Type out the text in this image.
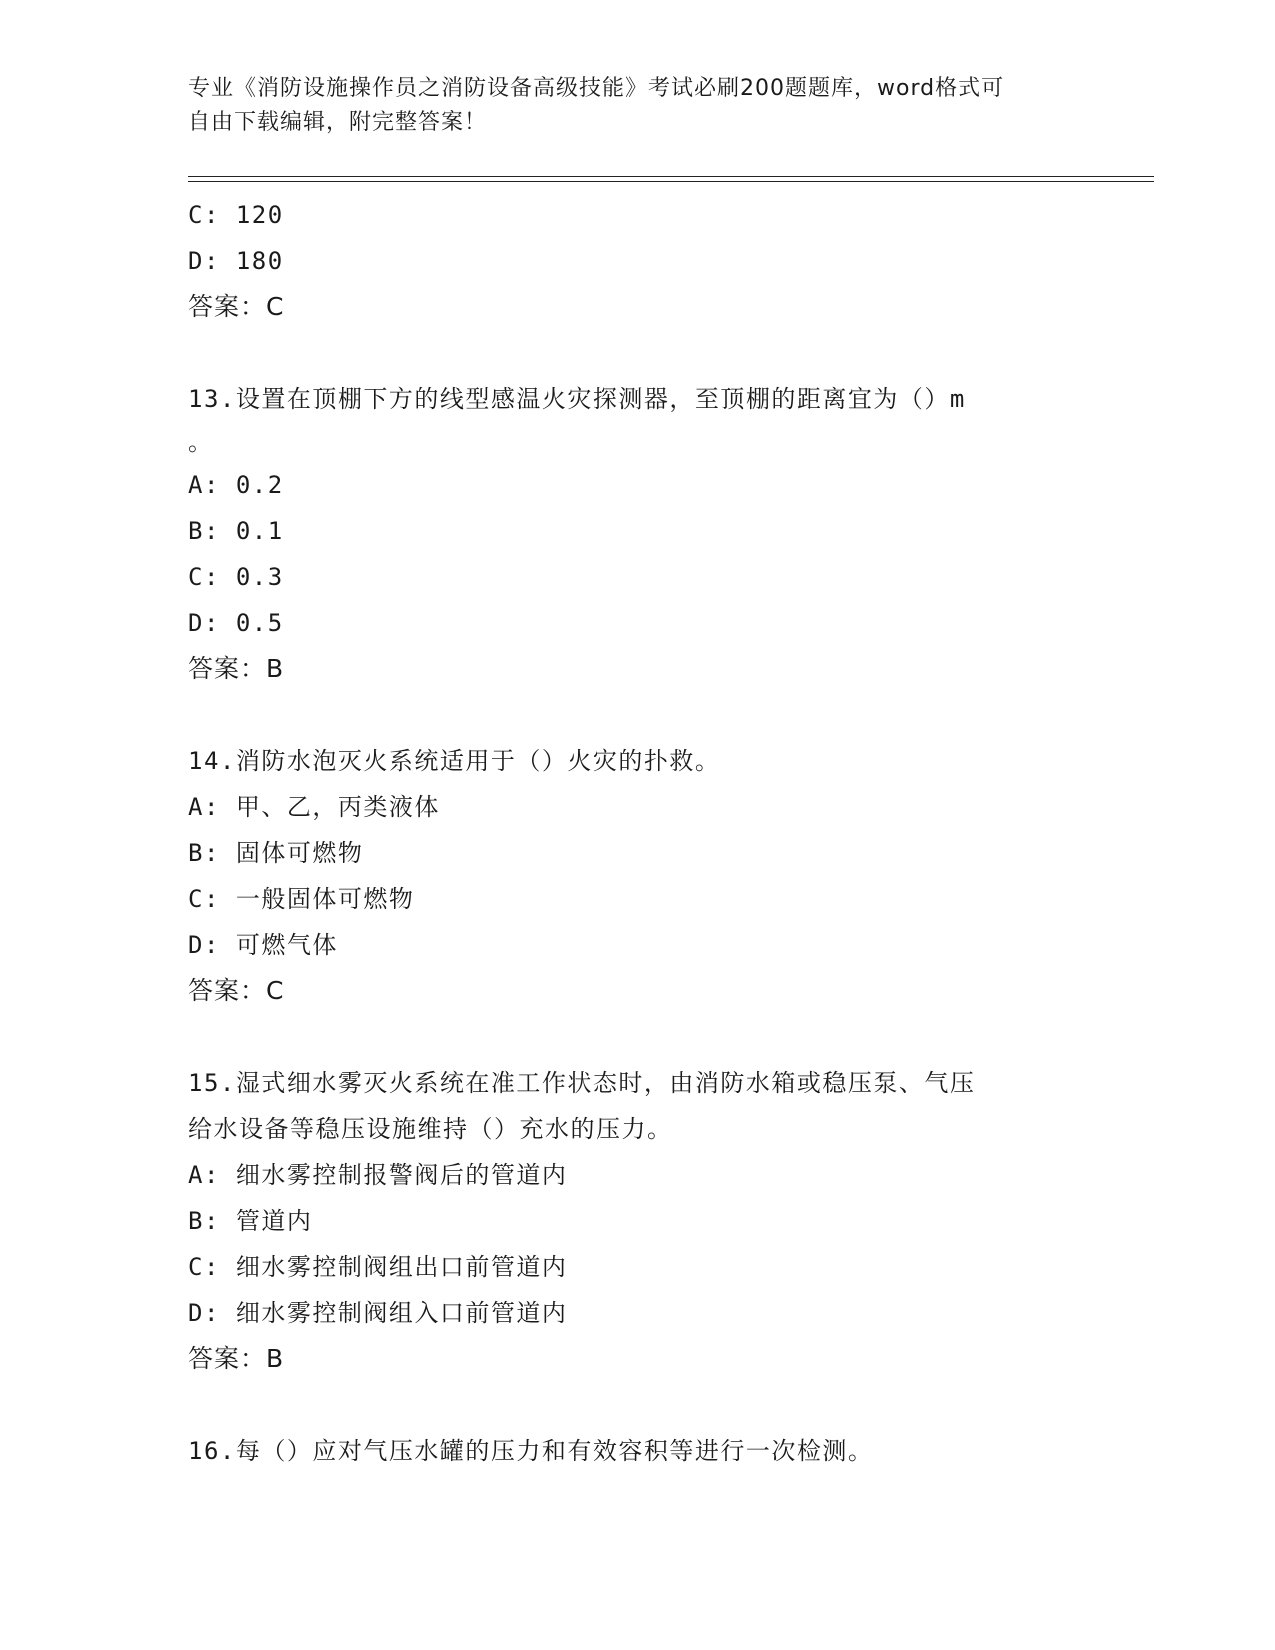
专业《消防设施操作员之消防设备高级技能》考试必刷200题题库，word格式可
自由下载编辑，附完整答案！
C: 120
D: 180
答案：C
13.设置在顶棚下方的线型感温火灾探测器，至顶棚的距离宜为（）m
。
A: 0.2
B: 0.1
C: 0.3
D: 0.5
答案：B
14.消防水泡灭火系统适用于（）火灾的扑救。
A: 甲、乙，丙类液体
B: 固体可燃物
C: 一般固体可燃物
D: 可燃气体
答案：C
15.湿式细水雾灭火系统在准工作状态时，由消防水箱或稳压泵、气压
给水设备等稳压设施维持（）充水的压力。
A: 细水雾控制报警阀后的管道内
B: 管道内
C: 细水雾控制阀组出口前管道内
D: 细水雾控制阀组入口前管道内
答案：B
16.每（）应对气压水罐的压力和有效容积等进行一次检测。
